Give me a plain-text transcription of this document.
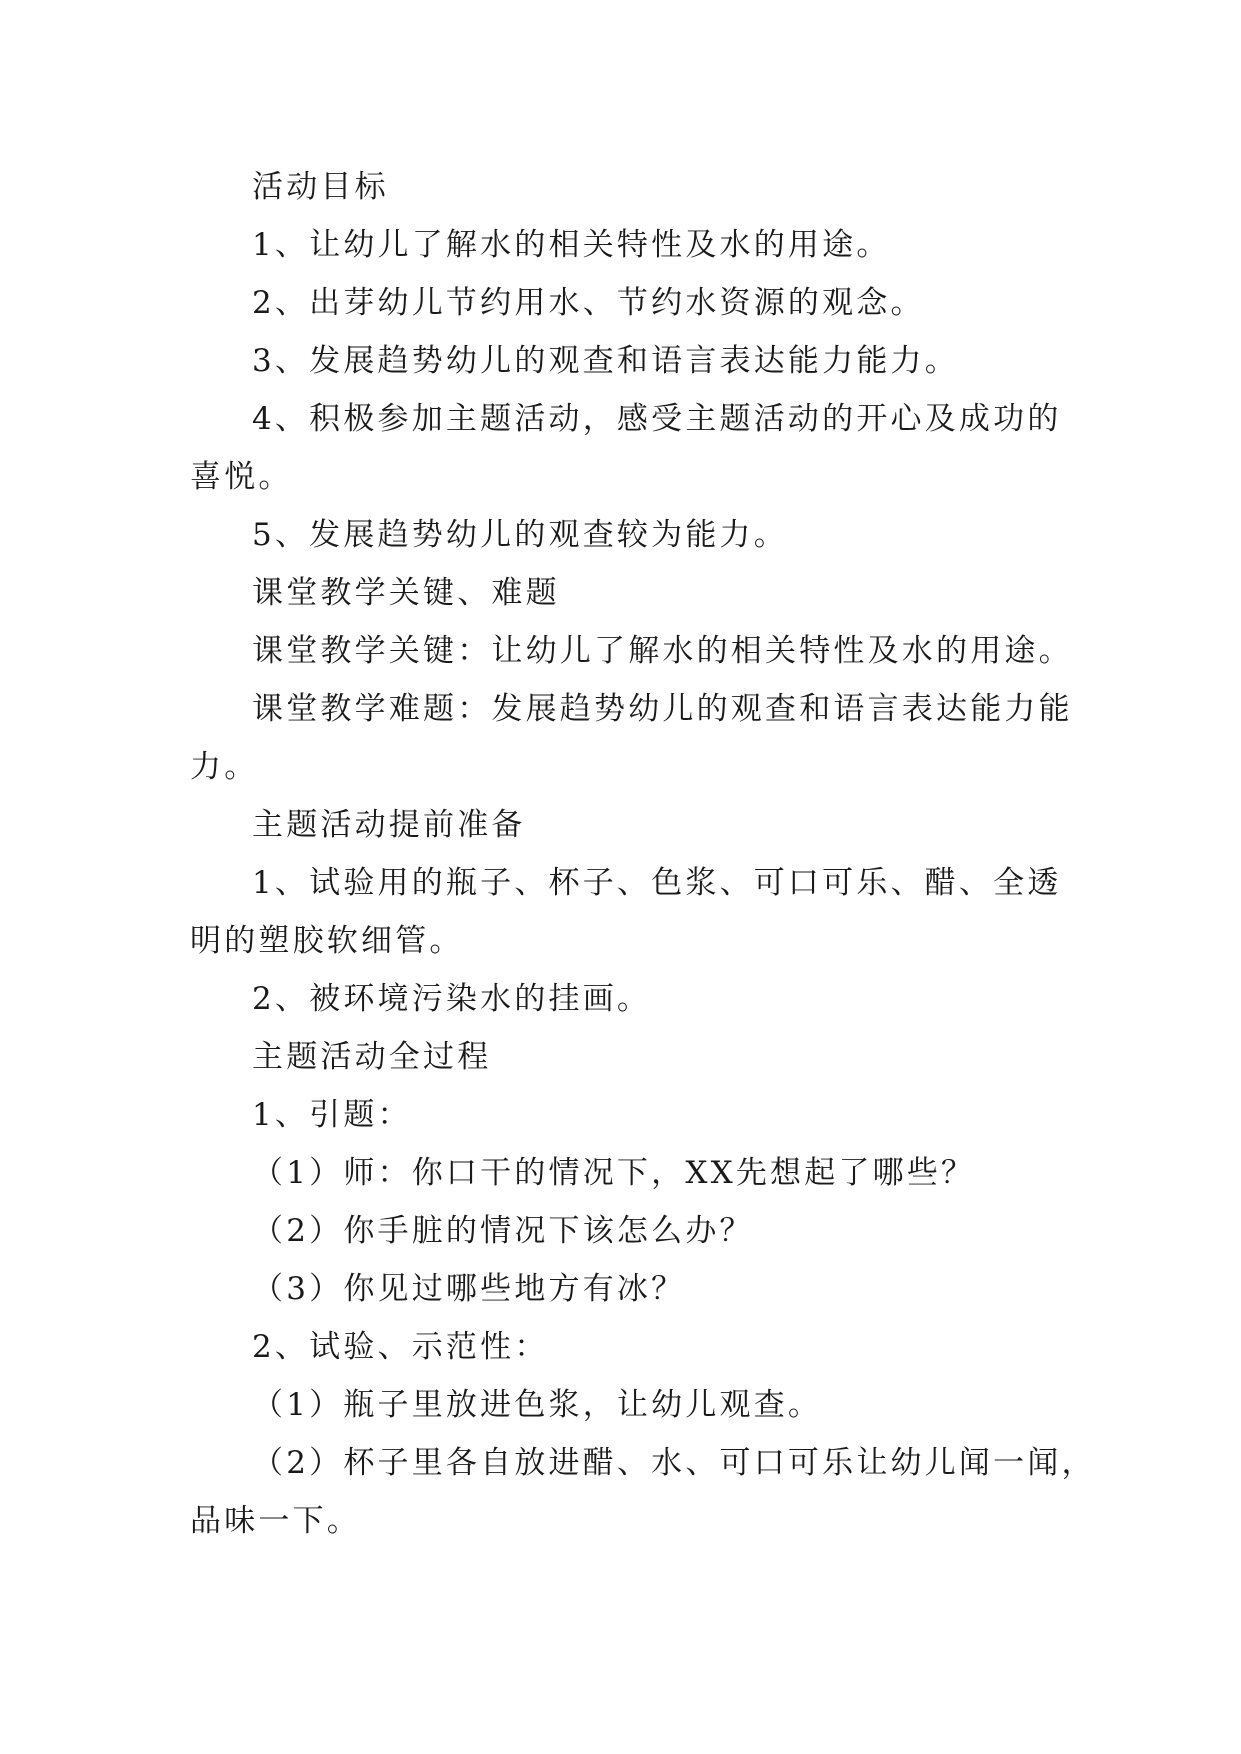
活动目标
1、让幼儿了解水的相关特性及水的用途。
2、出芽幼儿节约用水、节约水资源的观念。
3、发展趋势幼儿的观查和语言表达能力能力。
4、积极参加主题活动，感受主题活动的开心及成功的
喜悦。
5、发展趋势幼儿的观查较为能力。
课堂教学关键、难题
课堂教学关键：让幼儿了解水的相关特性及水的用途。
课堂教学难题：发展趋势幼儿的观查和语言表达能力能
力。
主题活动提前准备
1、试验用的瓶子、杯子、色浆、可口可乐、醋、全透
明的塑胶软细管。
2、被环境污染水的挂画。
主题活动全过程
1、引题：
（1）师：你口干的情况下，XX先想起了哪些？
（2）你手脏的情况下该怎么办？
（3）你见过哪些地方有冰？
2、试验、示范性：
（1）瓶子里放进色浆，让幼儿观查。
（2）杯子里各自放进醋、水、可口可乐让幼儿闻一闻，
品味一下。
